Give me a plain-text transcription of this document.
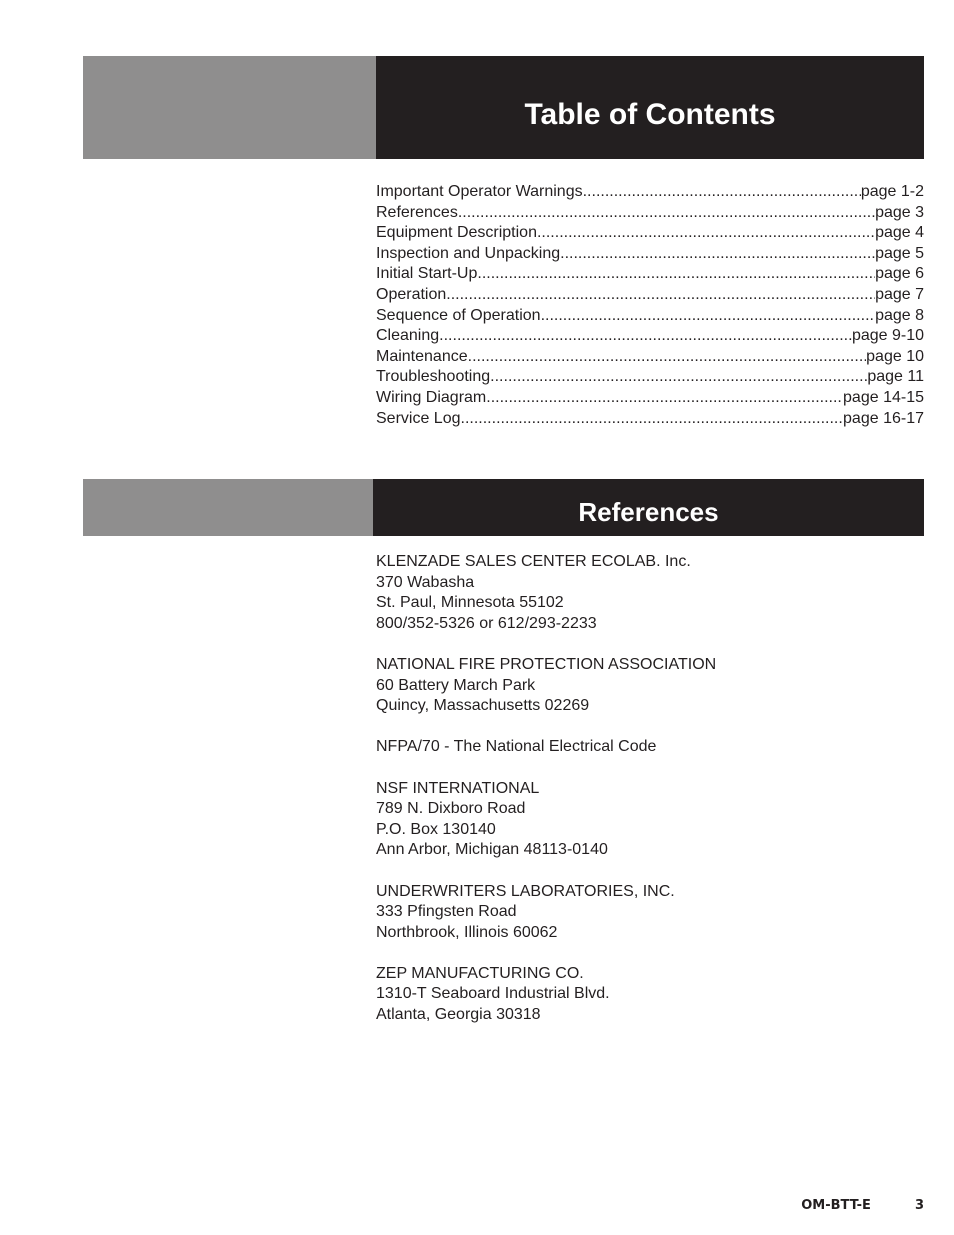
Table of Contents
Important Operator Warnings .....	page 1-2
References .....	page 3
Equipment Description .....	page 4
Inspection and Unpacking .....	page 5
Initial Start-Up .....	page 6
Operation .....	page 7
Sequence of Operation .....	page 8
Cleaning .....	page 9-10
Maintenance .....	page 10
Troubleshooting .....	page 11
Wiring Diagram .....	page 14-15
Service Log .....	page 16-17
References
KLENZADE SALES CENTER ECOLAB. Inc.
370 Wabasha
St. Paul, Minnesota 55102
800/352-5326 or 612/293-2233
NATIONAL FIRE PROTECTION ASSOCIATION
60 Battery March Park
Quincy, Massachusetts 02269
NFPA/70 - The National Electrical Code
NSF INTERNATIONAL
789 N. Dixboro Road
P.O. Box 130140
Ann Arbor, Michigan 48113-0140
UNDERWRITERS LABORATORIES, INC.
333 Pfingsten Road
Northbrook, Illinois 60062
ZEP MANUFACTURING CO.
1310-T Seaboard Industrial Blvd.
Atlanta, Georgia 30318
OM-BTT-E	3
